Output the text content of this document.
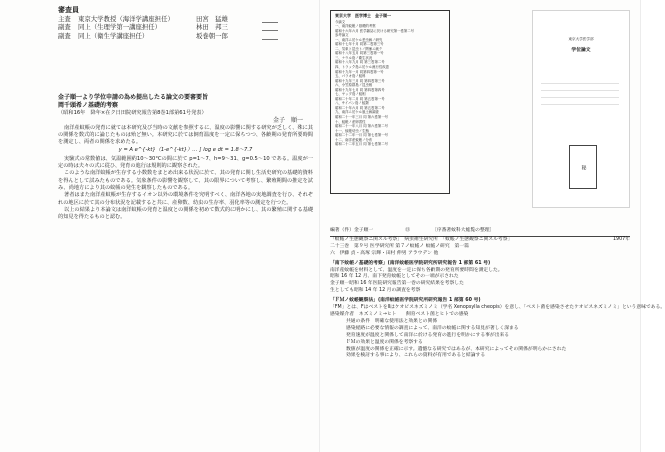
審査員
主査	東京大学教授（海洋学講座担任）	田宮　猛雄
副査	同上（生理学第一講座担任）	林田　邦三
副査	同上（衛生学講座担任）	坂巻朝一郎
金子順一より学位申請の為め提出したる論文の要審要旨
岡千頭希ノ基礎的考察
（昭和16年　降年×在ク日田院研究報告第8巻1部第61号発表）
金子　順一

南洋産蚊帳の発育に就ては本研究及び当時の文献を参照するに、温度の影響に関する研究が乏しく、殊に其の関係を数式的に論じたものは殆ど無い。本研究に於ては飼育温度を一定に保ちつつ、各齢期の発育所要時間を測定し、両者の関係を求めたる。

y = A e^{-kt}（1-e^{-kt}）... ∫ log e dt = 1.8～7.7

実験式の常数値は、気温範囲約10～30°Cの間に於て p=1～7、h=9～31、g=0.5～10 である。温度が一定の時は夫々の式に従ひ、発育の進行は規則的に観察された。

このような南洋蚊帳が生存する小数数をまとめ出来る状況に於て、其の発育に関し生活史研究の基礎的資料を得んとして試みたものである。気象条件の影響を観察して、其の限界について考察し、繁殖期間の推定を試み、尚地方により其の蚊帳の発生を観察したものである。

著者はまた南洋産蚊帳が生存するイオン以外の環境条件を究明すべく、南洋各地の実地調査を行ひ、それぞれの地区に於て其の分布状況を記載すると共に、産卵数、幼虫の生存率、羽化率等の測定を行つた。

以上の結果より本論文は南洋蚊帳の発育と温度との関係を初めて数式的に明かにし、其の繁殖に関する基礎的知見を得たるものと認む。

東京大学　医学博士　金子順一
今論文
一、南洋蚊帳ノ基礎的考察
昭和十六年六月 医学雑誌に於ける研究第一巻第二号
参考論文
一、南洋ニ於ケル恙虫病ノ研究
昭和十七年十月 同第二巻第三号
二、気象ト昆虫トノ関係ニ就テ
昭和十八年五月 同第三巻第一号
三、ナウル島ノ衛生状況
昭和十八年九月 同 第三巻第二号
四、トラック島ニ於ケル流行性疾患
昭和十九年一月 同第四巻第一号
五、パラオ島ノ蚊科
昭和十九年三月 同 第四巻第三号
六、小笠原群島ノ昆虫相
昭和十九年七月 同 第四巻第四号
七、ヤップ島ノ蚊相
昭和二十年二月 同 第五巻第一号
八、サイパン島ノ蚊類
昭和二十年六月 同 第五巻第二号
九、南洋ニ於ケル風土病調査
昭和二十一年三月 同 第六巻第一号
十、蚊帳ノ産卵習性
昭和二十一年八月 同 第六巻第二号
十一、蚊帳幼虫ノ生態
昭和二十二年一月 同 第七巻第一号
十二、南洋産蚊帳ノ分布
昭和二十二年五月 同 第七巻第二号
東京大学医学部
学位論文
秘
編著（件）金子順一	⑬	〔序番著蚊科大総覧の整理〕
「蚊帳ノ生態観察ニ関スル考察」　病虫衛生研究所　「蚊帳ノ生態観察ニ関スル考察」	1907年
二十三巻　第９号 医学研究所 第７ノ蚊帳ノ 蚊帳ノ研究　第一篇
六　伊藤 貞・高塚 宗輝・田村 伸男 アラウデン 他
「南下蚊帳ノ基礎的考察」(南洋蚊帳医学院研究所研究報告 1 部第 61 号)
南洋産蚊帳を材料として、温度を一定に保ち各齢期の発育所要時間を測定した。
昭和 16 年 12 月、南下発育蚊帳としてその一端が示された
金子順一昭和 16 年医院研究報告第一巻の研究結果を考察した
生としても昭和 14 年 12 月の調査を考察
「ＦＭノ蚊帳観察法」(南洋蚊帳医学院研究所研究報告 1 部第 60 号)
「FM」とは、FはベストをⅡはケオピスネズミノミ（学名 Xenopsylla cheopis）を意し、「ベスト菌を感染させたケオピスネズミノミ」という意味である。
感染媒介者　ネズミノミ→ヒト　　飼育ベスト菌とヒトでの感染
共通の条件　明確な使用法と効果との関係
感染経路に必要な情報の調査によって、南洋の蚊帳に関する知見が著しく深まる
発育速度が温度と関係して南洋に於ける発育の進行を明かにする事が出来る
ＦＭの効果と温度の関係を考察する
数値が温度の関係を正確に示す。遺憾なる研究ではあるが、本研究によってその関係が明らかにされた
効果を検討する事により、これらの資料が有用であると結論する
